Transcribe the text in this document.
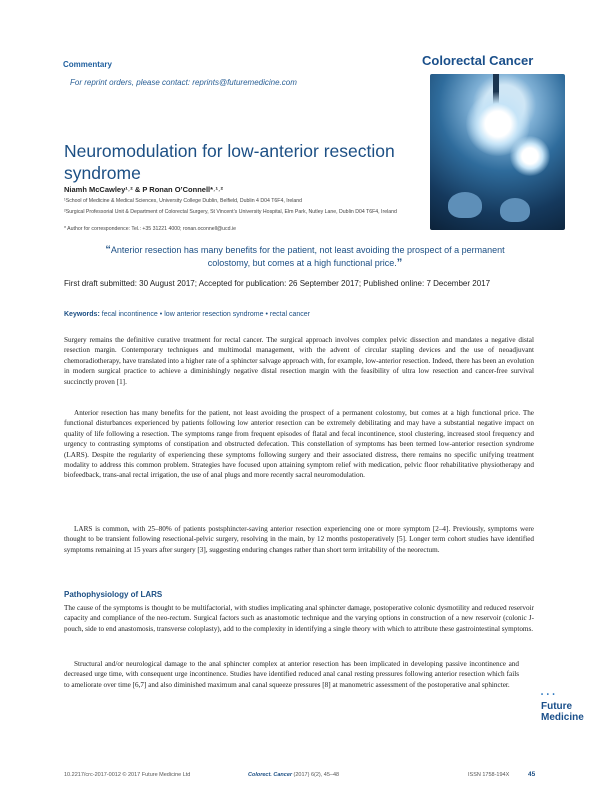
Commentary
For reprint orders, please contact: reprints@futuremedicine.com
Colorectal Cancer
Neuromodulation for low-anterior resection syndrome
Niamh McCawley¹˒² & P Ronan O’Connell*˒¹˒²
¹School of Medicine & Medical Sciences, University College Dublin, Belfield, Dublin 4 D04 T6F4, Ireland
²Surgical Professorial Unit & Department of Colorectal Surgery, St Vincent’s University Hospital, Elm Park, Nutley Lane, Dublin D04 T6F4, Ireland
* Author for correspondence: Tel.: +35 31221 4000; ronan.oconnell@ucd.ie
“Anterior resection has many benefits for the patient, not least avoiding the prospect of a permanent colostomy, but comes at a high functional price.”
First draft submitted: 30 August 2017; Accepted for publication: 26 September 2017; Published online: 7 December 2017
Keywords: fecal incontinence • low anterior resection syndrome • rectal cancer
Surgery remains the definitive curative treatment for rectal cancer. The surgical approach involves complex pelvic dissection and mandates a negative distal resection margin. Contemporary techniques and multimodal management, with the advent of circular stapling devices and the use of neoadjuvant chemoradiotherapy, have translated into a higher rate of a sphincter salvage approach with, for example, low-anterior resection. Indeed, there has been an evolution in modern surgical practice to achieve a diminishingly negative distal resection margin with the feasibility of ultra low resection and cancer-free survival succinctly proven [1].
Anterior resection has many benefits for the patient, not least avoiding the prospect of a permanent colostomy, but comes at a high functional price. The functional disturbances experienced by patients following low anterior resection can be extremely debilitating and may have a substantial negative impact on quality of life following a resection. The symptoms range from frequent episodes of flatal and fecal incontinence, stool clustering, increased stool frequency and urgency to contrasting symptoms of constipation and obstructed defecation. This constellation of symptoms has been termed low-anterior resection syndrome (LARS). Despite the regularity of experiencing these symptoms following surgery and their associated distress, there remains no specific unifying treatment modality to address this common problem. Strategies have focused upon attaining symptom relief with medication, pelvic floor rehabilitative physiotherapy and biofeedback, trans-anal rectal irrigation, the use of anal plugs and more recently sacral neuromodulation.
LARS is common, with 25–80% of patients postsphincter-saving anterior resection experiencing one or more symptom [2–4]. Previously, symptoms were thought to be transient following resectional-pelvic surgery, resolving in the main, by 12 months postoperatively [5]. Longer term cohort studies have identified symptoms remaining at 15 years after surgery [3], suggesting enduring changes rather than short term irritability of the neorectum.
Pathophysiology of LARS
The cause of the symptoms is thought to be multifactorial, with studies implicating anal sphincter damage, postoperative colonic dysmotility and reduced reservoir capacity and compliance of the neo-rectum. Surgical factors such as anastomotic technique and the varying options in construction of a new reservoir (colonic J-pouch, side to end anastomosis, transverse coloplasty), add to the complexity in identifying a single theory with which to attribute these gastrointestinal symptoms.
Structural and/or neurological damage to the anal sphincter complex at anterior resection has been implicated in developing passive incontinence and decreased urge time, with consequent urge incontinence. Studies have identified reduced anal canal resting pressures following anterior resection which fails to ameliorate over time [6,7] and also diminished maximum anal canal squeeze pressures [8] at manometric assessment of the postoperative anal sphincter.
• • •
Future
Medicine
10.2217/crc-2017-0012 © 2017 Future Medicine Ltd	Colorect. Cancer (2017) 6(2), 45–48	ISSN 1758-194X	45
